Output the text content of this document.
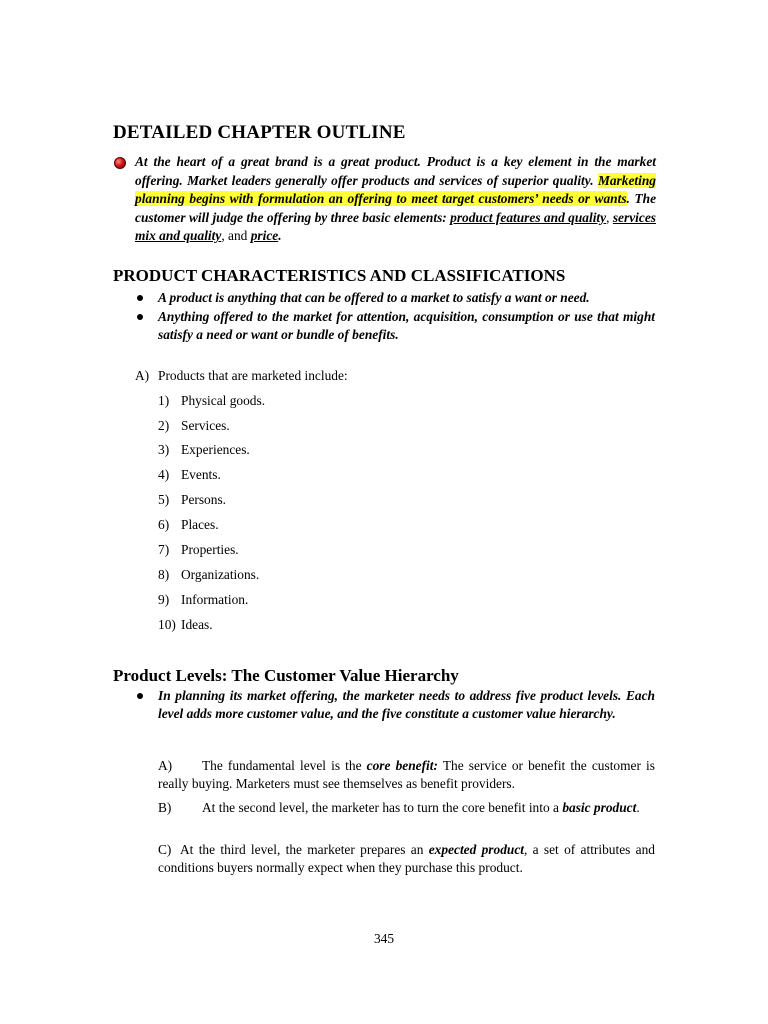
DETAILED CHAPTER OUTLINE

At the heart of a great brand is a great product. Product is a key element in the market offering. Market leaders generally offer products and services of superior quality. Marketing planning begins with formulation an offering to meet target customers’ needs or wants. The customer will judge the offering by three basic elements: product features and quality, services mix and quality, and price.

PRODUCT CHARACTERISTICS AND CLASSIFICATIONS

A product is anything that can be offered to a market to satisfy a want or need.

Anything offered to the market for attention, acquisition, consumption or use that might satisfy a need or want or bundle of benefits.

A) Products that are marketed include:
1) Physical goods.
2) Services.
3) Experiences.
4) Events.
5) Persons.
6) Places.
7) Properties.
8) Organizations.
9) Information.
10) Ideas.
Product Levels: The Customer Value Hierarchy

In planning its market offering, the marketer needs to address five product levels. Each level adds more customer value, and the five constitute a customer value hierarchy.

A) The fundamental level is the core benefit: The service or benefit the customer is really buying. Marketers must see themselves as benefit providers.

B) At the second level, the marketer has to turn the core benefit into a basic product.

C) At the third level, the marketer prepares an expected product, a set of attributes and conditions buyers normally expect when they purchase this product.

345
